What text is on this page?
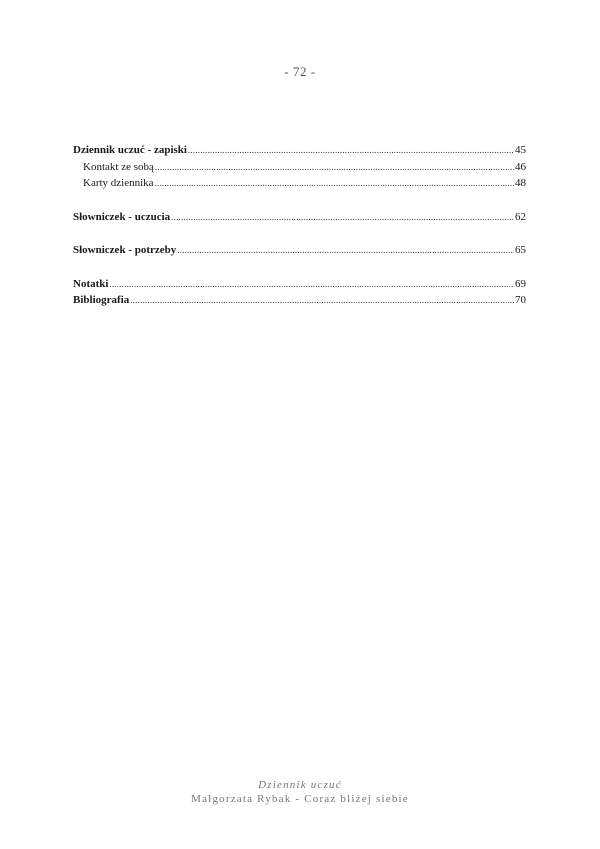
- 72 -
Dziennik uczuć - zapiski .....	45
Kontakt ze sobą .....	46
Karty dziennika .....	48
Słowniczek - uczucia .....	62
Słowniczek - potrzeby .....	65
Notatki .....	69
Bibliografia .....	70
Dziennik uczuć
Małgorzata Rybak - Coraz bliżej siebie
